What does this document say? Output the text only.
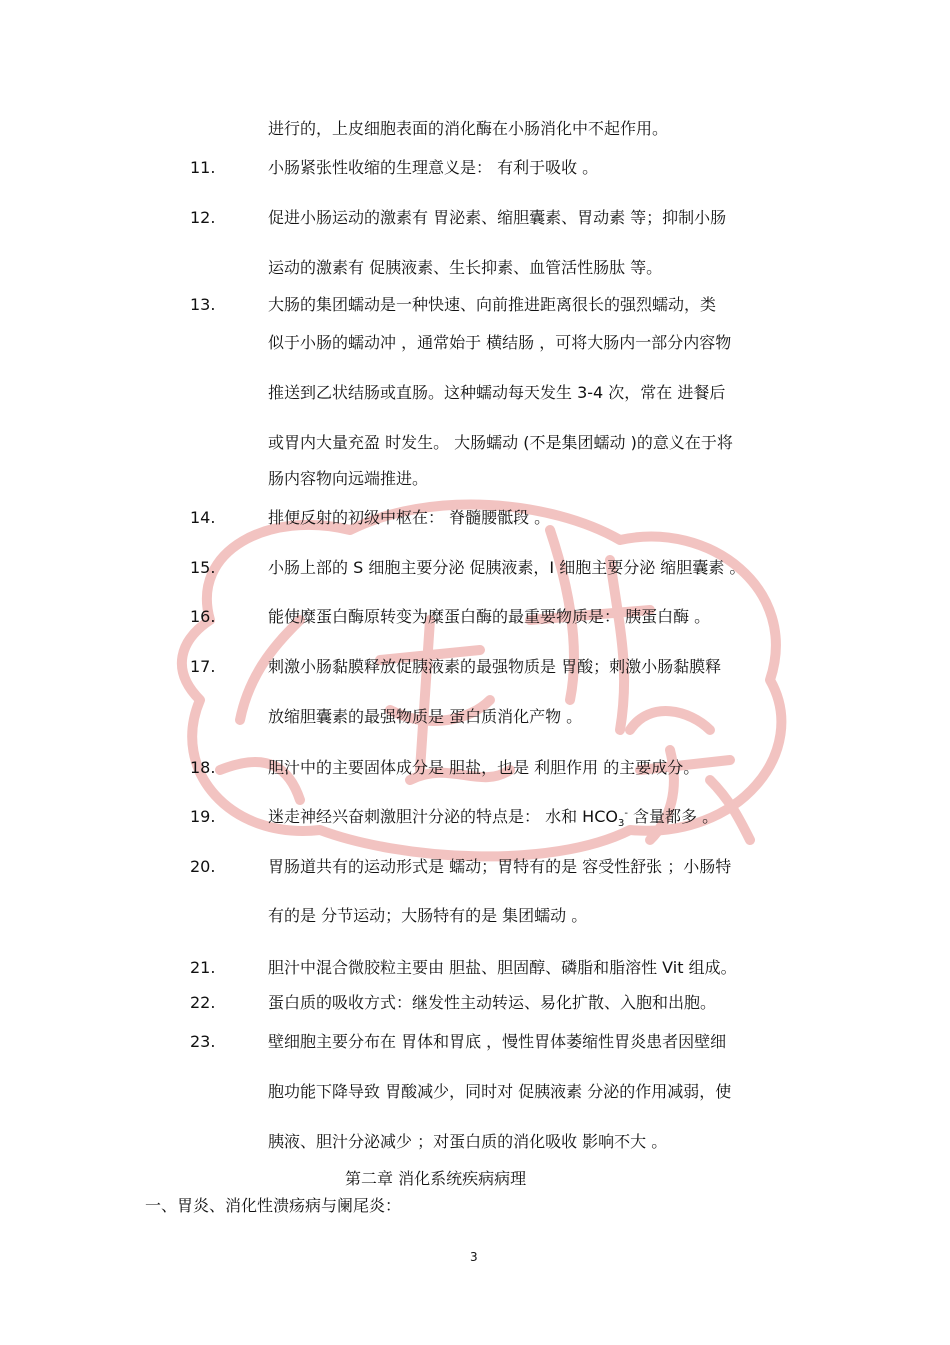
进行的，上皮细胞表面的消化酶在小肠消化中不起作用。
11.	小肠紧张性收缩的生理意义是： 有利于吸收 。
12.	促进小肠运动的激素有 胃泌素、缩胆囊素、胃动素 等；抑制小肠
运动的激素有 促胰液素、生长抑素、血管活性肠肽 等。
13.	大肠的集团蠕动是一种快速、向前推进距离很长的强烈蠕动，类
似于小肠的蠕动冲 ，通常始于 横结肠 ，可将大肠内一部分内容物
推送到乙状结肠或直肠。这种蠕动每天发生 3-4 次，常在 进餐后
或胃内大量充盈 时发生。 大肠蠕动 (不是集团蠕动 )的意义在于将
肠内容物向远端推进。
14.	排便反射的初级中枢在： 脊髓腰骶段 。
15.	小肠上部的 S 细胞主要分泌 促胰液素，I 细胞主要分泌 缩胆囊素 。
16.	能使糜蛋白酶原转变为糜蛋白酶的最重要物质是： 胰蛋白酶 。
17.	刺激小肠黏膜释放促胰液素的最强物质是 胃酸；刺激小肠黏膜释
放缩胆囊素的最强物质是 蛋白质消化产物 。
18.	胆汁中的主要固体成分是 胆盐，也是 利胆作用 的主要成分。
19.	迷走神经兴奋刺激胆汁分泌的特点是： 水和 $HCO_3^-$ 含量都多 。
20.	胃肠道共有的运动形式是 蠕动；胃特有的是 容受性舒张 ；小肠特
有的是 分节运动；大肠特有的是 集团蠕动 。
21.	胆汁中混合微胶粒主要由 胆盐、胆固醇、磷脂和脂溶性 Vit 组成。
22.	蛋白质的吸收方式：继发性主动转运、易化扩散、入胞和出胞。
23.	壁细胞主要分布在 胃体和胃底 ，慢性胃体萎缩性胃炎患者因壁细
胞功能下降导致 胃酸减少，同时对 促胰液素 分泌的作用减弱，使
胰液、胆汁分泌减少 ；对蛋白质的消化吸收 影响不大 。
第二章 消化系统疾病病理
一、胃炎、消化性溃疡病与阑尾炎：
3
